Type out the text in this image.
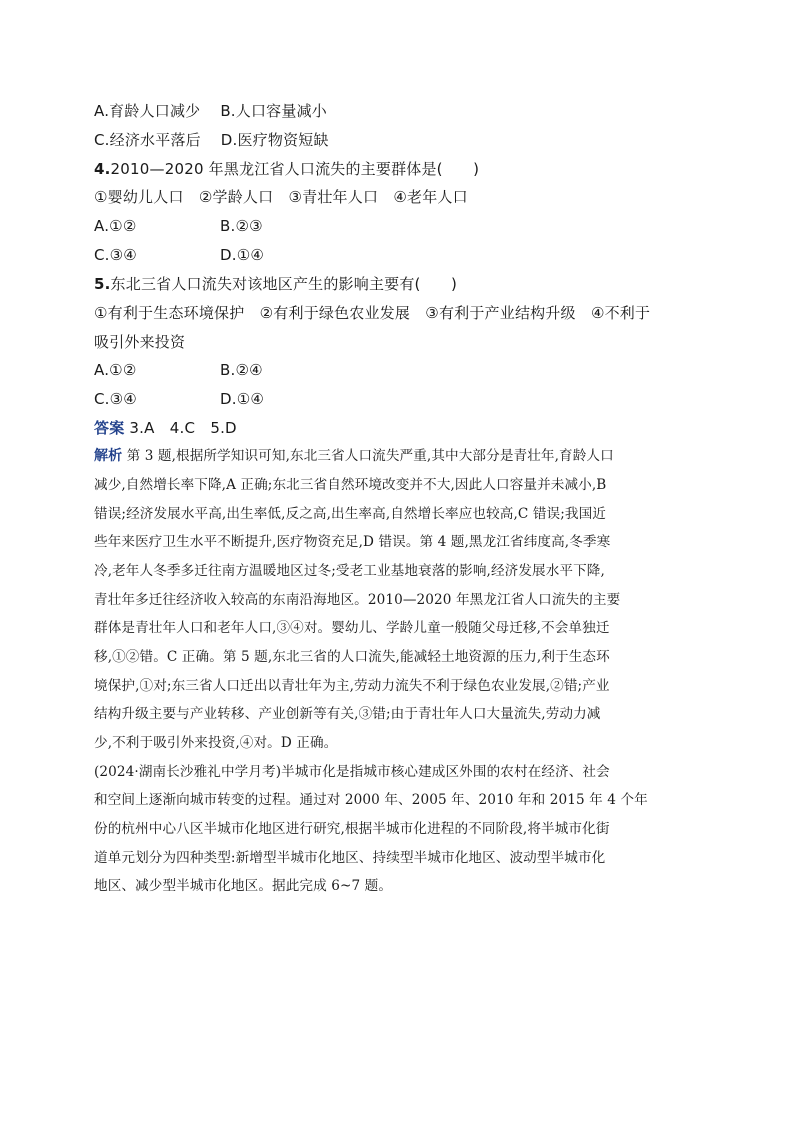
A.育龄人口减少 B.人口容量减小
C.经济水平落后 D.医疗物资短缺
4.2010—2020 年黑龙江省人口流失的主要群体是(　　)
①婴幼儿人口　②学龄人口　③青壮年人口　④老年人口
A.①②	B.②③
C.③④	D.①④
5.东北三省人口流失对该地区产生的影响主要有(　　)
①有利于生态环境保护　②有利于绿色农业发展　③有利于产业结构升级　④不利于
吸引外来投资
A.①②	B.②④
C.③④	D.①④
答案 3.A　4.C　5.D
解析 第 3 题,根据所学知识可知,东北三省人口流失严重,其中大部分是青壮年,育龄人口
减少,自然增长率下降,A 正确;东北三省自然环境改变并不大,因此人口容量并未减小,B
错误;经济发展水平高,出生率低,反之高,出生率高,自然增长率应也较高,C 错误;我国近
些年来医疗卫生水平不断提升,医疗物资充足,D 错误。第 4 题,黑龙江省纬度高,冬季寒
冷,老年人冬季多迁往南方温暖地区过冬;受老工业基地衰落的影响,经济发展水平下降,
青壮年多迁往经济收入较高的东南沿海地区。2010—2020 年黑龙江省人口流失的主要
群体是青壮年人口和老年人口,③④对。婴幼儿、学龄儿童一般随父母迁移,不会单独迁
移,①②错。C 正确。第 5 题,东北三省的人口流失,能减轻土地资源的压力,利于生态环
境保护,①对;东三省人口迁出以青壮年为主,劳动力流失不利于绿色农业发展,②错;产业
结构升级主要与产业转移、产业创新等有关,③错;由于青壮年人口大量流失,劳动力减
少,不利于吸引外来投资,④对。D 正确。
(2024·湖南长沙雅礼中学月考)半城市化是指城市核心建成区外围的农村在经济、社会
和空间上逐渐向城市转变的过程。通过对 2000 年、2005 年、2010 年和 2015 年 4 个年
份的杭州中心八区半城市化地区进行研究,根据半城市化进程的不同阶段,将半城市化街
道单元划分为四种类型:新增型半城市化地区、持续型半城市化地区、波动型半城市化
地区、减少型半城市化地区。据此完成 6~7 题。
